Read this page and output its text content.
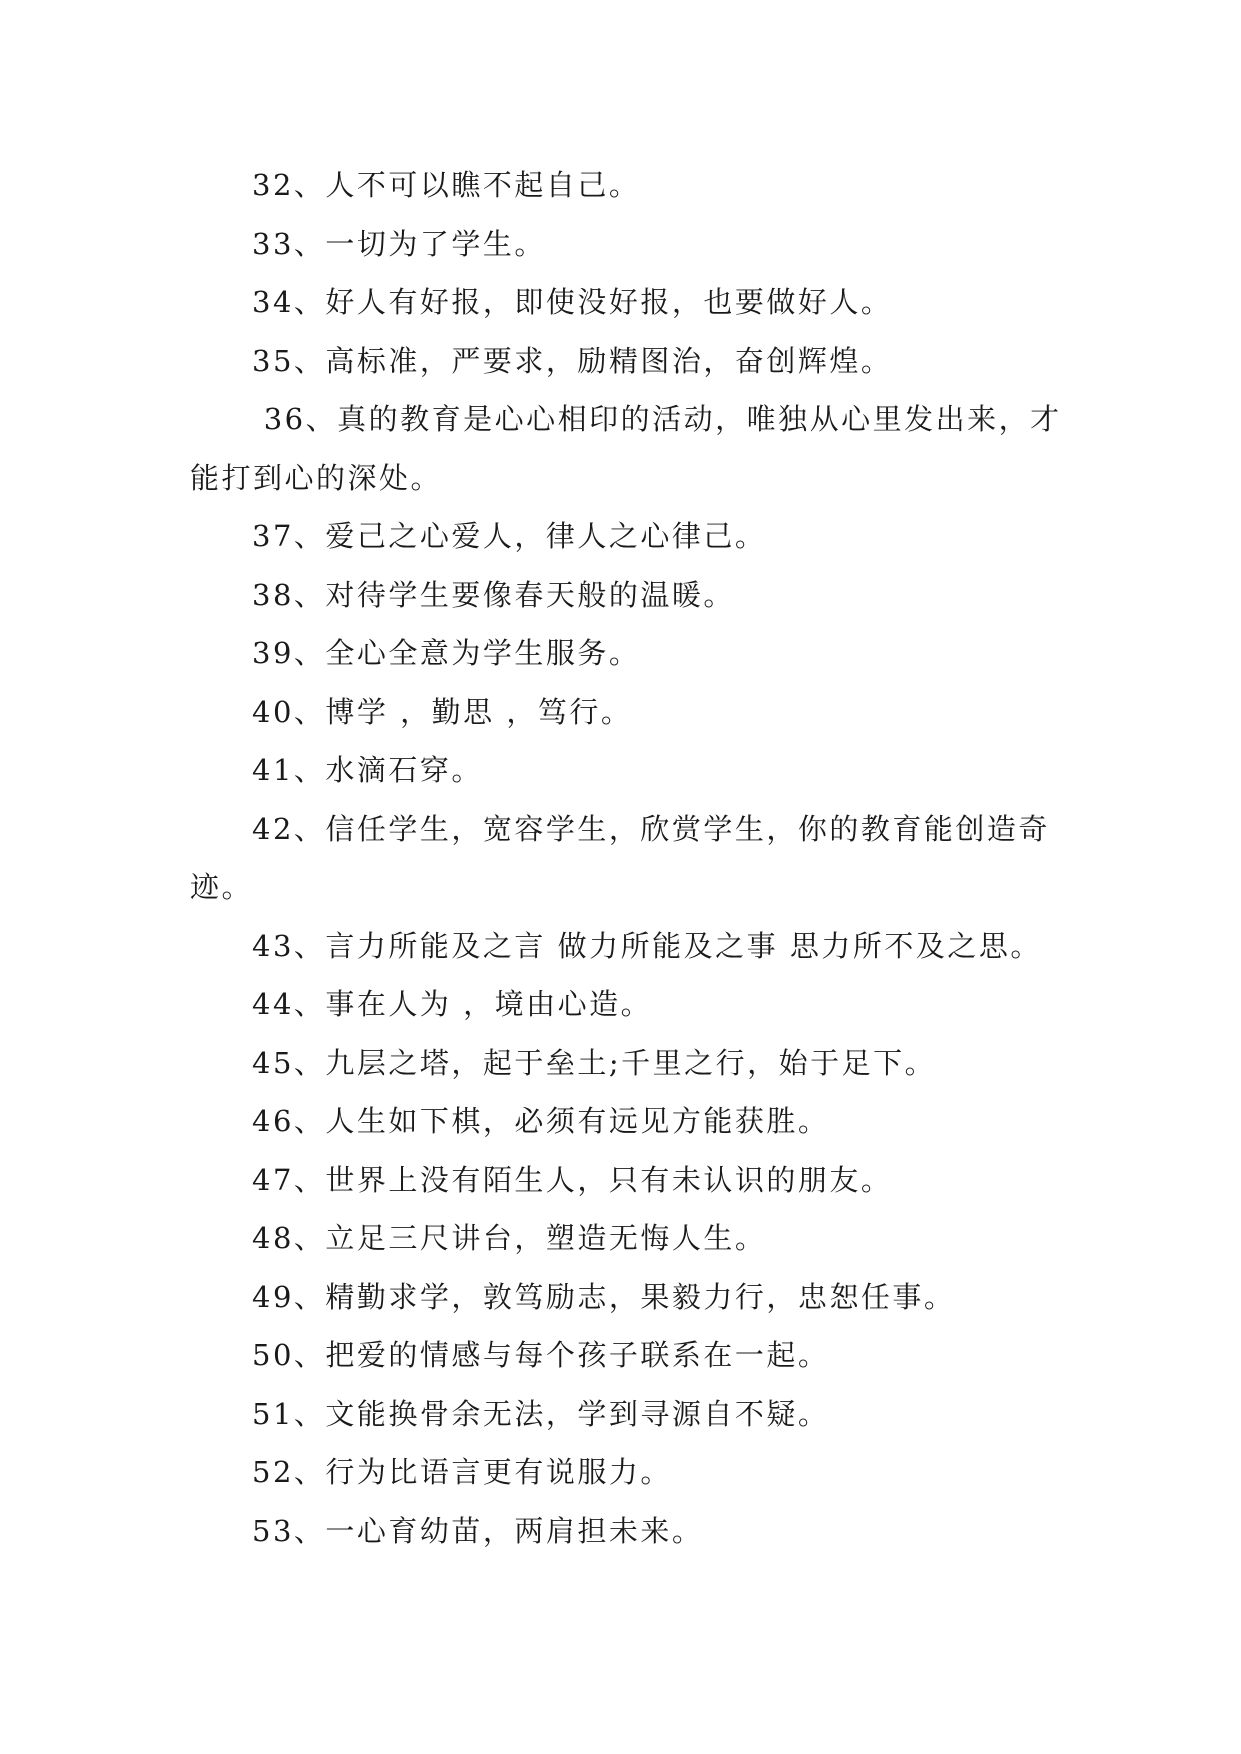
32、人不可以瞧不起自己。

33、一切为了学生。

34、好人有好报，即使没好报，也要做好人。

35、高标准，严要求，励精图治，奋创辉煌。

36、真的教育是心心相印的活动，唯独从心里发出来，才能打到心的深处。

37、爱己之心爱人，律人之心律己。

38、对待学生要像春天般的温暖。

39、全心全意为学生服务。

40、博学 ，勤思 ，笃行。

41、水滴石穿。

42、信任学生，宽容学生，欣赏学生，你的教育能创造奇迹。

43、言力所能及之言 做力所能及之事 思力所不及之思。

44、事在人为 ，境由心造。

45、九层之塔，起于垒土;千里之行，始于足下。

46、人生如下棋，必须有远见方能获胜。

47、世界上没有陌生人，只有未认识的朋友。

48、立足三尺讲台，塑造无悔人生。

49、精勤求学，敦笃励志，果毅力行，忠恕任事。

50、把爱的情感与每个孩子联系在一起。

51、文能换骨余无法，学到寻源自不疑。

52、行为比语言更有说服力。

53、一心育幼苗，两肩担未来。
